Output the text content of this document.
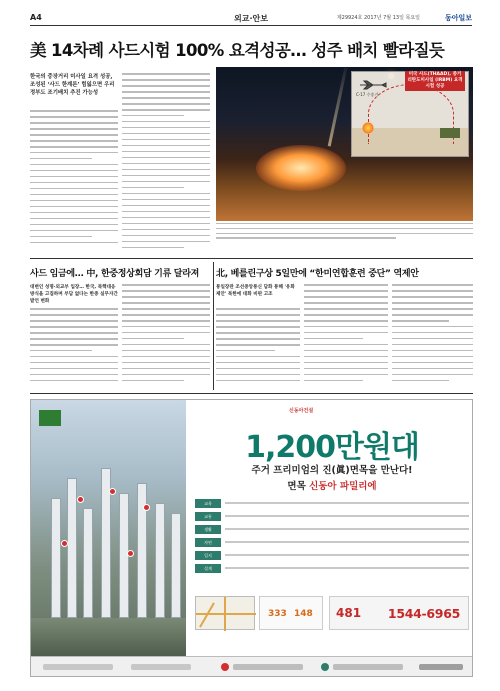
A4	외교·안보	제29924호 2017년 7월 13일 목요일	동아일보
美 14차례 사드시험 100% 요격성공… 성주 배치 빨라질듯
한국의 중장거리 미사일 요격 성공, 조성된 ‘사드 한계론’ 힘잃으면 우리정부도 조기배치 추진 가능성	C-17 수송기
미국 사드(THAAD), 중거리탄도미사일 (IRBM) 요격시험 성공
사드 임금에… 中, 한중정상회담 기류 달라져
대변인 성명·외교부 입장… 한국, 북핵대응 방식을 고집하며 부담 없다는 한중 실무자간 발언 변화
北, 베를린구상 5일만에 “한미연합훈련 중단” 역제안
통일장관 조선중앙통신 담화 통해 '유화 제안' 북한에 대화 비판 고조
신동아건설
1,200만원대
주거 프리미엄의 진(眞)면목을 만난다!
면목 신동아 파밀리에
교육
교통
생활
자연
입지
설계
333 148 481 1544-6965
